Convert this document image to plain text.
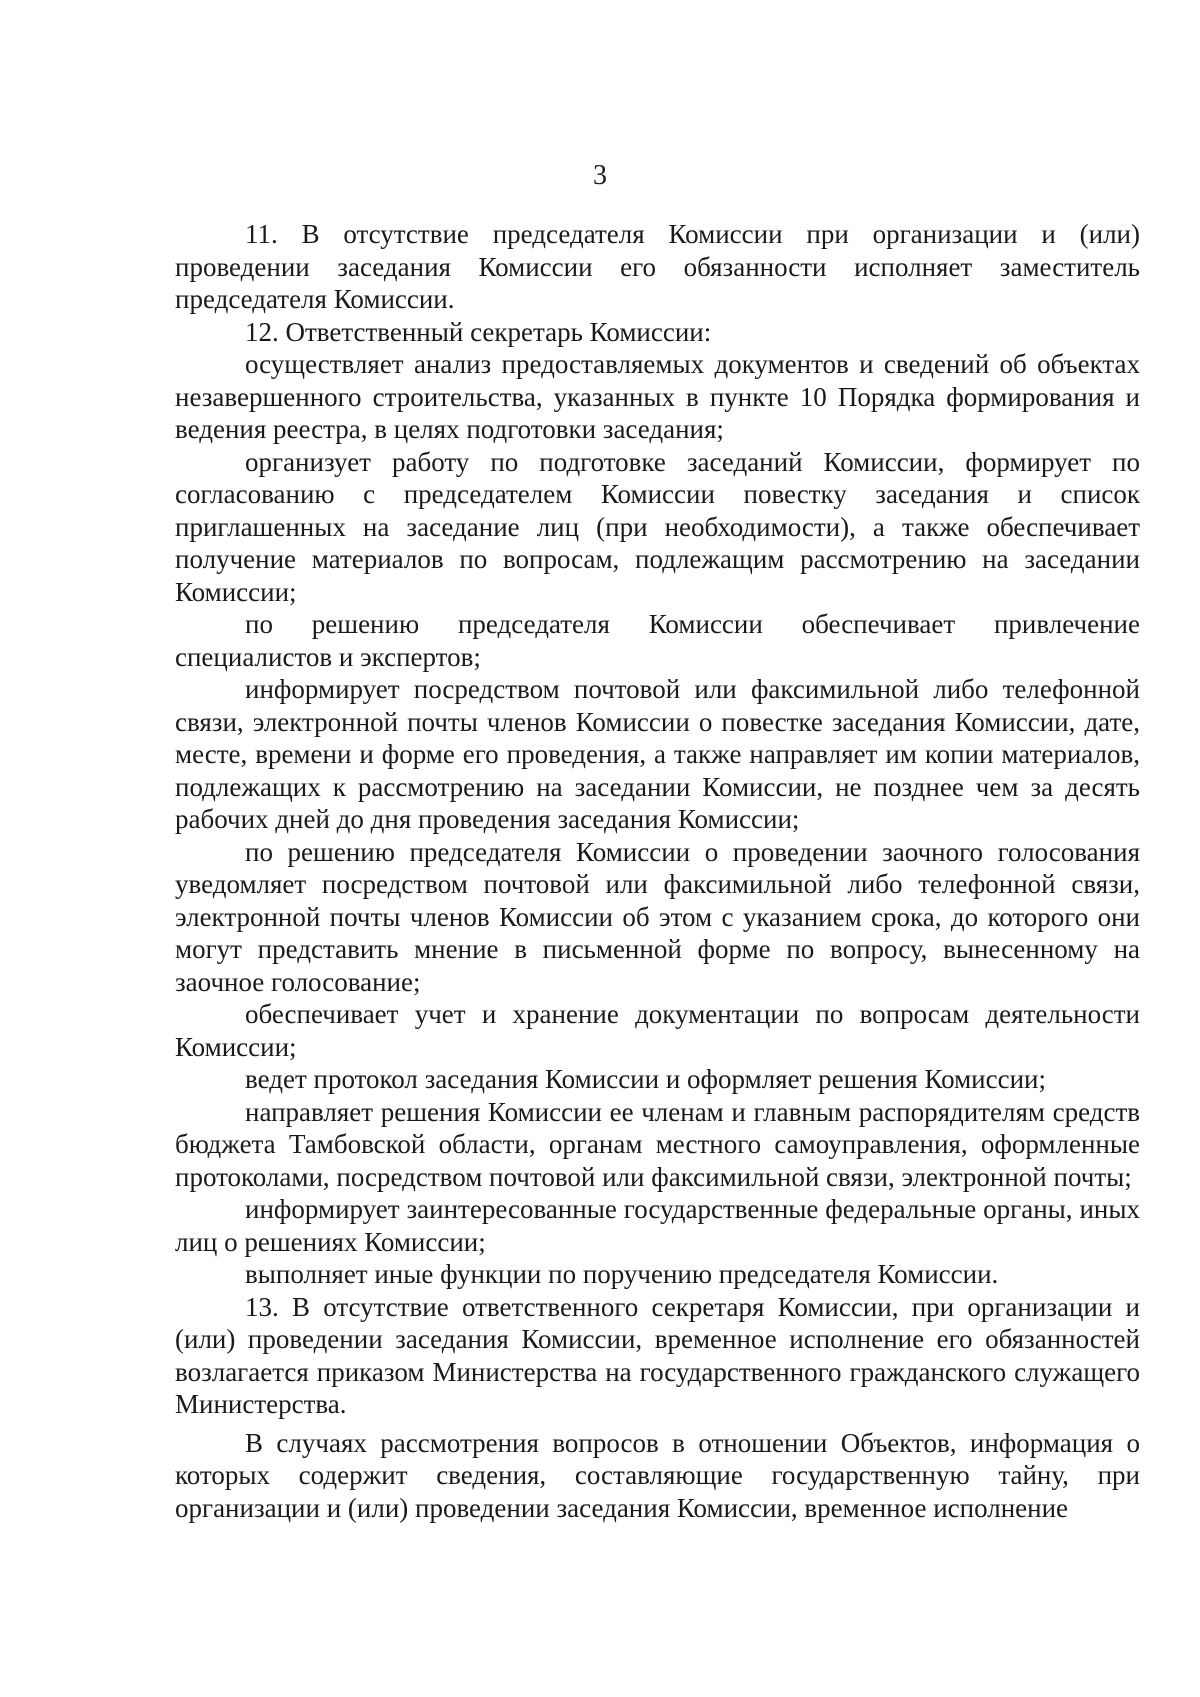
3

11. В отсутствие председателя Комиссии при организации и (или) проведении заседания Комиссии его обязанности исполняет заместитель председателя Комиссии.

12. Ответственный секретарь Комиссии:

осуществляет анализ предоставляемых документов и сведений об объектах незавершенного строительства, указанных в пункте 10 Порядка формирования и ведения реестра, в целях подготовки заседания;

организует работу по подготовке заседаний Комиссии, формирует по согласованию с председателем Комиссии повестку заседания и список приглашенных на заседание лиц (при необходимости), а также обеспечивает получение материалов по вопросам, подлежащим рассмотрению на заседании Комиссии;

по решению председателя Комиссии обеспечивает привлечение специалистов и экспертов;

информирует посредством почтовой или факсимильной либо телефонной связи, электронной почты членов Комиссии о повестке заседания Комиссии, дате, месте, времени и форме его проведения, а также направляет им копии материалов, подлежащих к рассмотрению на заседании Комиссии, не позднее чем за десять рабочих дней до дня проведения заседания Комиссии;

по решению председателя Комиссии о проведении заочного голосования уведомляет посредством почтовой или факсимильной либо телефонной связи, электронной почты членов Комиссии об этом с указанием срока, до которого они могут представить мнение в письменной форме по вопросу, вынесенному на заочное голосование;

обеспечивает учет и хранение документации по вопросам деятельности Комиссии;

ведет протокол заседания Комиссии и оформляет решения Комиссии;

направляет решения Комиссии ее членам и главным распорядителям средств бюджета Тамбовской области, органам местного самоуправления, оформленные протоколами, посредством почтовой или факсимильной связи, электронной почты;

информирует заинтересованные государственные федеральные органы, иных лиц о решениях Комиссии;

выполняет иные функции по поручению председателя Комиссии.

13. В отсутствие ответственного секретаря Комиссии, при организации и (или) проведении заседания Комиссии, временное исполнение его обязанностей возлагается приказом Министерства на государственного гражданского служащего Министерства.

В случаях рассмотрения вопросов в отношении Объектов, информация о которых содержит сведения, составляющие государственную тайну, при организации и (или) проведении заседания Комиссии, временное исполнение
